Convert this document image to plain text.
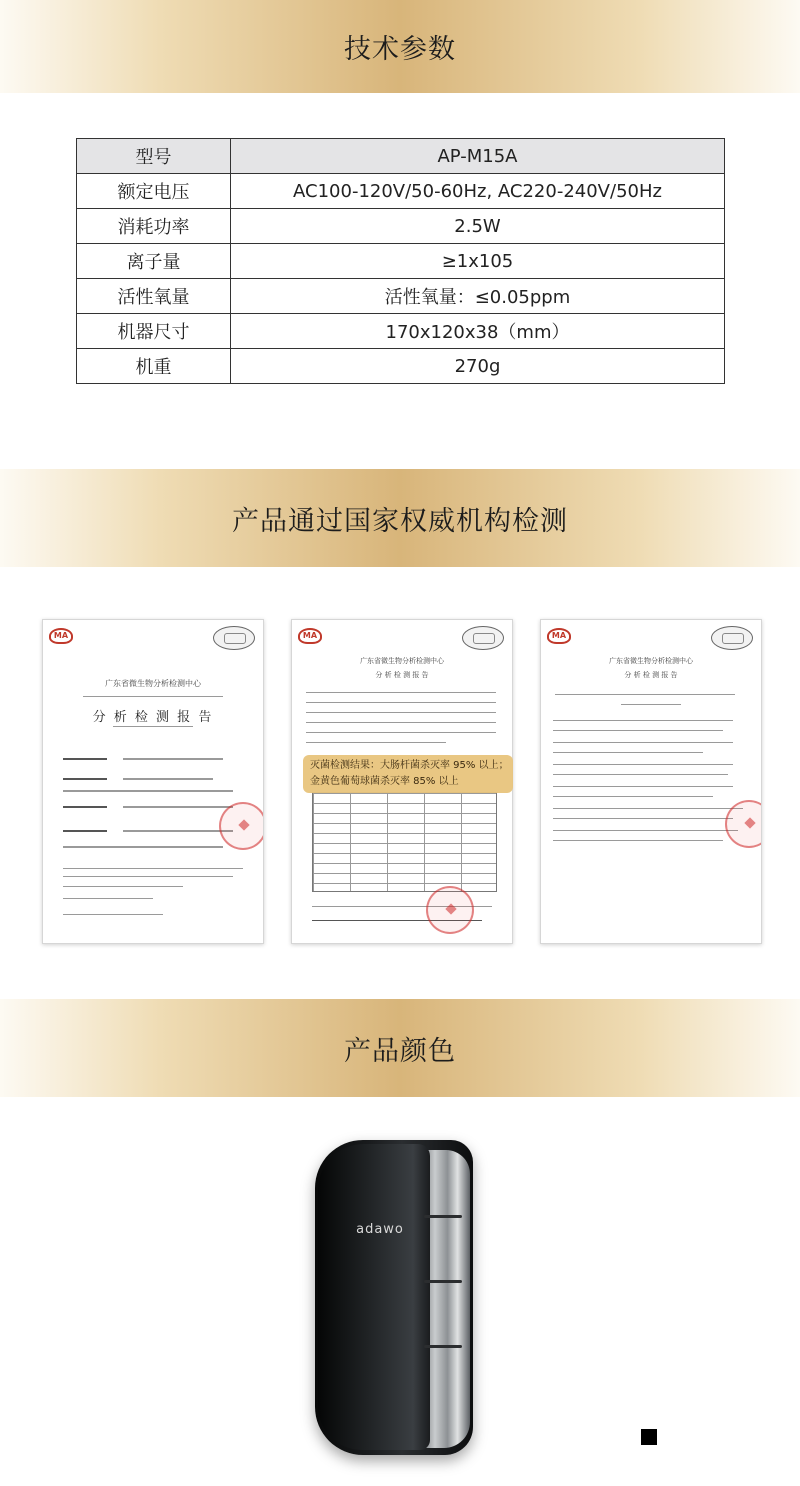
技术参数
型号	AP-M15A
额定电压	AC100-120V/50-60Hz, AC220-240V/50Hz
消耗功率	2.5W
离子量	≥1x105
活性氧量	活性氧量：≤0.05ppm
机器尺寸	170x120x38（mm）
机重	270g
产品通过国家权威机构检测
MA
广东省微生物分析检测中心
分 析 检 测 报 告
MA
广东省微生物分析检测中心
分 析 检 测 报 告
灭菌检测结果：大肠杆菌杀灭率 95% 以上；
金黄色葡萄球菌杀灭率 85% 以上
MA
广东省微生物分析检测中心
分 析 检 测 报 告
产品颜色
adawo
